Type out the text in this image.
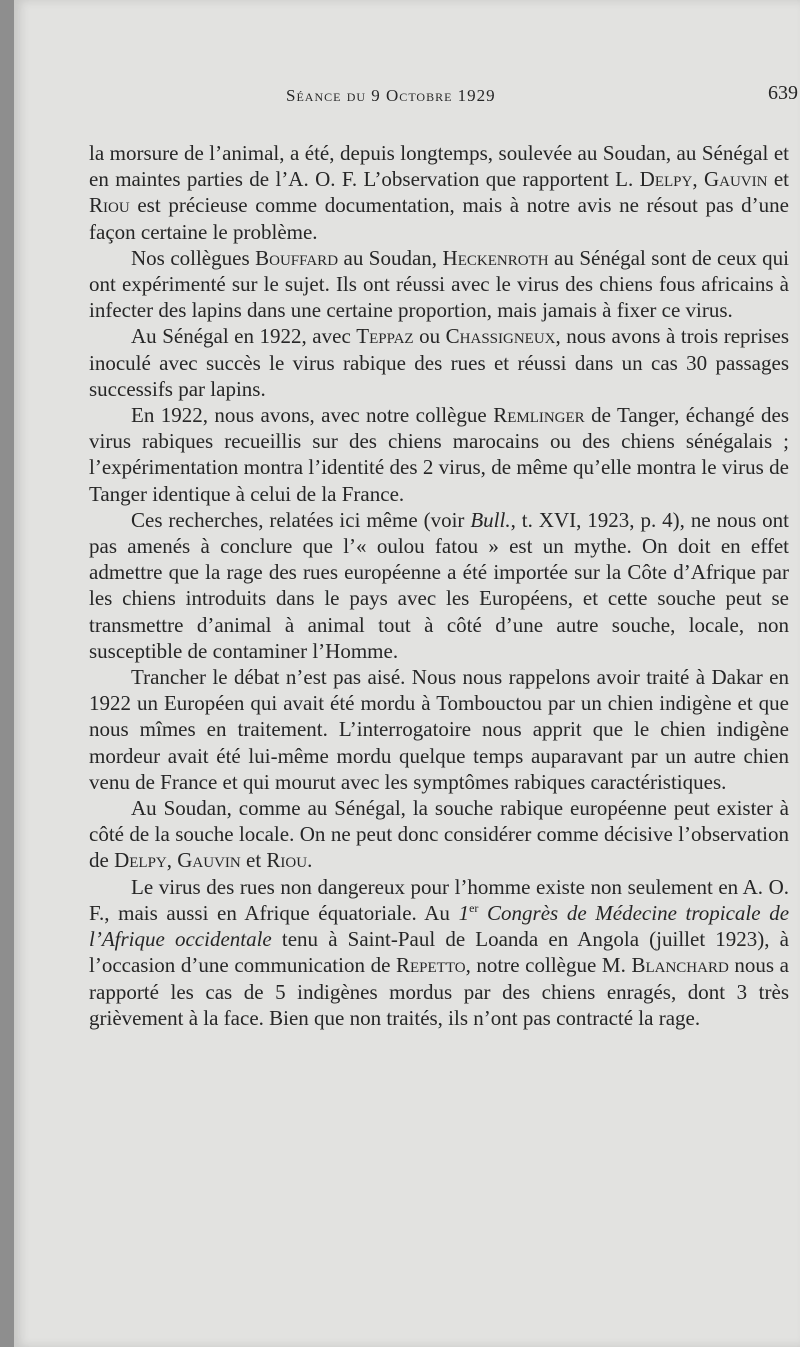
Séance du 9 Octobre 1929	639

la morsure de l’animal, a été, depuis longtemps, soulevée au Soudan, au Sénégal et en maintes parties de l’A. O. F. L’observation que rapportent L. Delpy, Gauvin et Riou est précieuse comme documentation, mais à notre avis ne résout pas d’une façon certaine le problème.

Nos collègues Bouffard au Soudan, Heckenroth au Sénégal sont de ceux qui ont expérimenté sur le sujet. Ils ont réussi avec le virus des chiens fous africains à infecter des lapins dans une certaine proportion, mais jamais à fixer ce virus.

Au Sénégal en 1922, avec Teppaz ou Chassigneux, nous avons à trois reprises inoculé avec succès le virus rabique des rues et réussi dans un cas 30 passages successifs par lapins.

En 1922, nous avons, avec notre collègue Remlinger de Tanger, échangé des virus rabiques recueillis sur des chiens marocains ou des chiens sénégalais ; l’expérimentation montra l’identité des 2 virus, de même qu’elle montra le virus de Tanger identique à celui de la France.

Ces recherches, relatées ici même (voir Bull., t. XVI, 1923, p. 4), ne nous ont pas amenés à conclure que l’« oulou fatou » est un mythe. On doit en effet admettre que la rage des rues européenne a été importée sur la Côte d’Afrique par les chiens introduits dans le pays avec les Européens, et cette souche peut se transmettre d’animal à animal tout à côté d’une autre souche, locale, non susceptible de contaminer l’Homme.

Trancher le débat n’est pas aisé. Nous nous rappelons avoir traité à Dakar en 1922 un Européen qui avait été mordu à Tombouctou par un chien indigène et que nous mîmes en traitement. L’interrogatoire nous apprit que le chien indigène mordeur avait été lui-même mordu quelque temps auparavant par un autre chien venu de France et qui mourut avec les symptômes rabiques caractéristiques.

Au Soudan, comme au Sénégal, la souche rabique européenne peut exister à côté de la souche locale. On ne peut donc considérer comme décisive l’observation de Delpy, Gauvin et Riou.

Le virus des rues non dangereux pour l’homme existe non seulement en A. O. F., mais aussi en Afrique équatoriale. Au 1er Congrès de Médecine tropicale de l’Afrique occidentale tenu à Saint-Paul de Loanda en Angola (juillet 1923), à l’occasion d’une communication de Repetto, notre collègue M. Blanchard nous a rapporté les cas de 5 indigènes mordus par des chiens enragés, dont 3 très grièvement à la face. Bien que non traités, ils n’ont pas contracté la rage.
